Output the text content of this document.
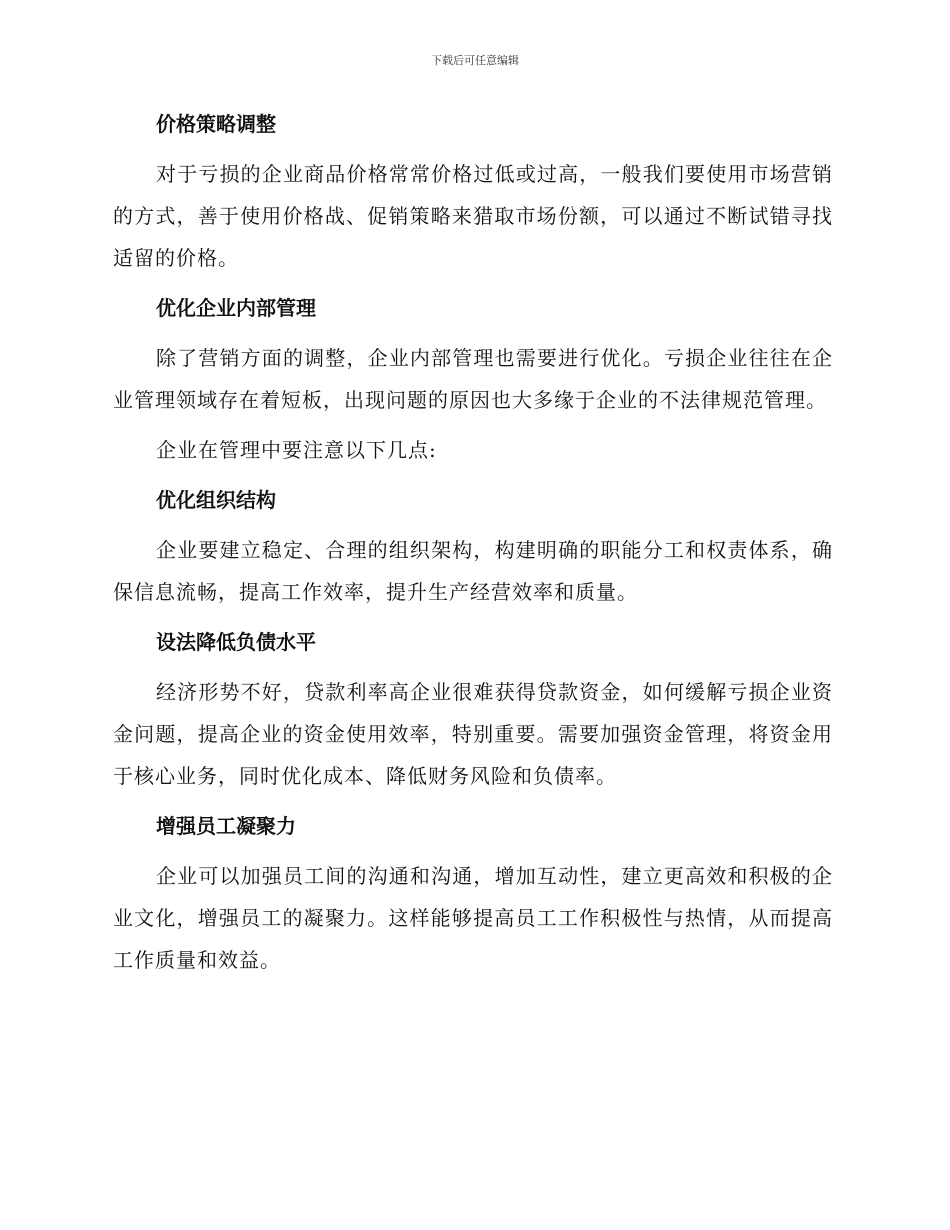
下载后可任意编辑
价格策略调整
对于亏损的企业商品价格常常价格过低或过高，一般我们要使用市场营销的方式，善于使用价格战、促销策略来猎取市场份额，可以通过不断试错寻找适留的价格。
优化企业内部管理
除了营销方面的调整，企业内部管理也需要进行优化。亏损企业往往在企业管理领域存在着短板，出现问题的原因也大多缘于企业的不法律规范管理。
企业在管理中要注意以下几点:
优化组织结构
企业要建立稳定、合理的组织架构，构建明确的职能分工和权责体系，确保信息流畅，提高工作效率，提升生产经营效率和质量。
设法降低负债水平
经济形势不好，贷款利率高企业很难获得贷款资金，如何缓解亏损企业资金问题，提高企业的资金使用效率，特别重要。需要加强资金管理，将资金用于核心业务，同时优化成本、降低财务风险和负债率。
增强员工凝聚力
企业可以加强员工间的沟通和沟通，增加互动性，建立更高效和积极的企业文化，增强员工的凝聚力。这样能够提高员工工作积极性与热情，从而提高工作质量和效益。
